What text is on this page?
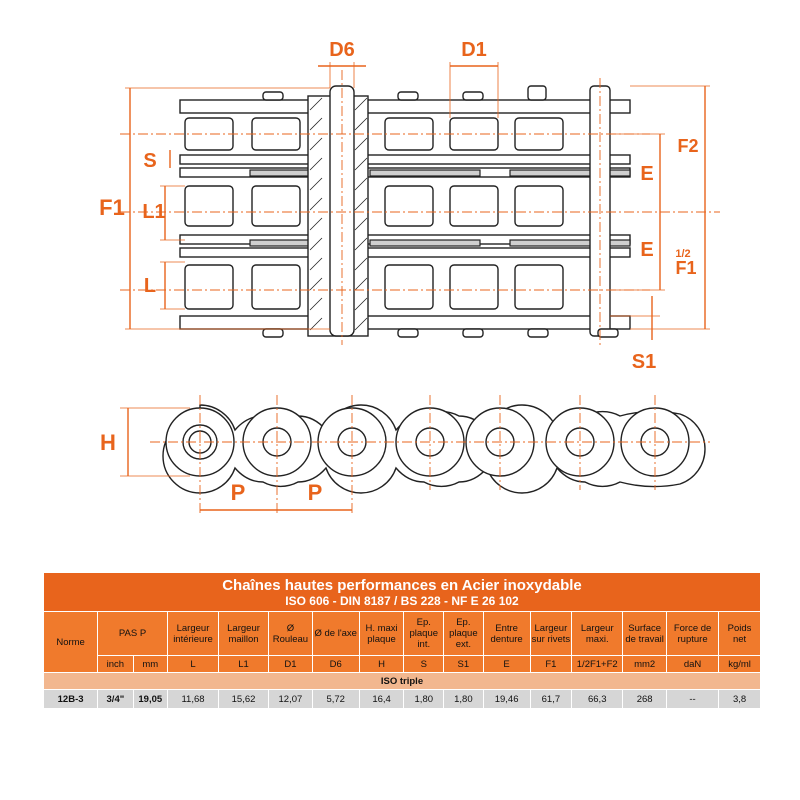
D6	D1
F1
S
L1
L
F2
E
E 1/2
F1
S1
H
P	P
Chaînes hautes performances en Acier inoxydable
ISO 606 - DIN 8187 / BS 228 - NF E 26 102															

Norme	PAS P		Largeur intérieure	Largeur maillon	Ø Rouleau	Ø de l'axe	H. maxi plaque	Ep. plaque int.	Ep. plaque ext.	Entre denture	Largeur sur rivets	Largeur maxi.	Surface de travail	Force de rupture	Poids net
	inch	mm	L	L1	D1	D6	H	S	S1	E	F1	1/2F1+F2	mm2	daN	kg/ml
ISO triple															
12B-3	3/4"	19,05	11,68	15,62	12,07	5,72	16,4	1,80	1,80	19,46	61,7	66,3	268	--	3,8
